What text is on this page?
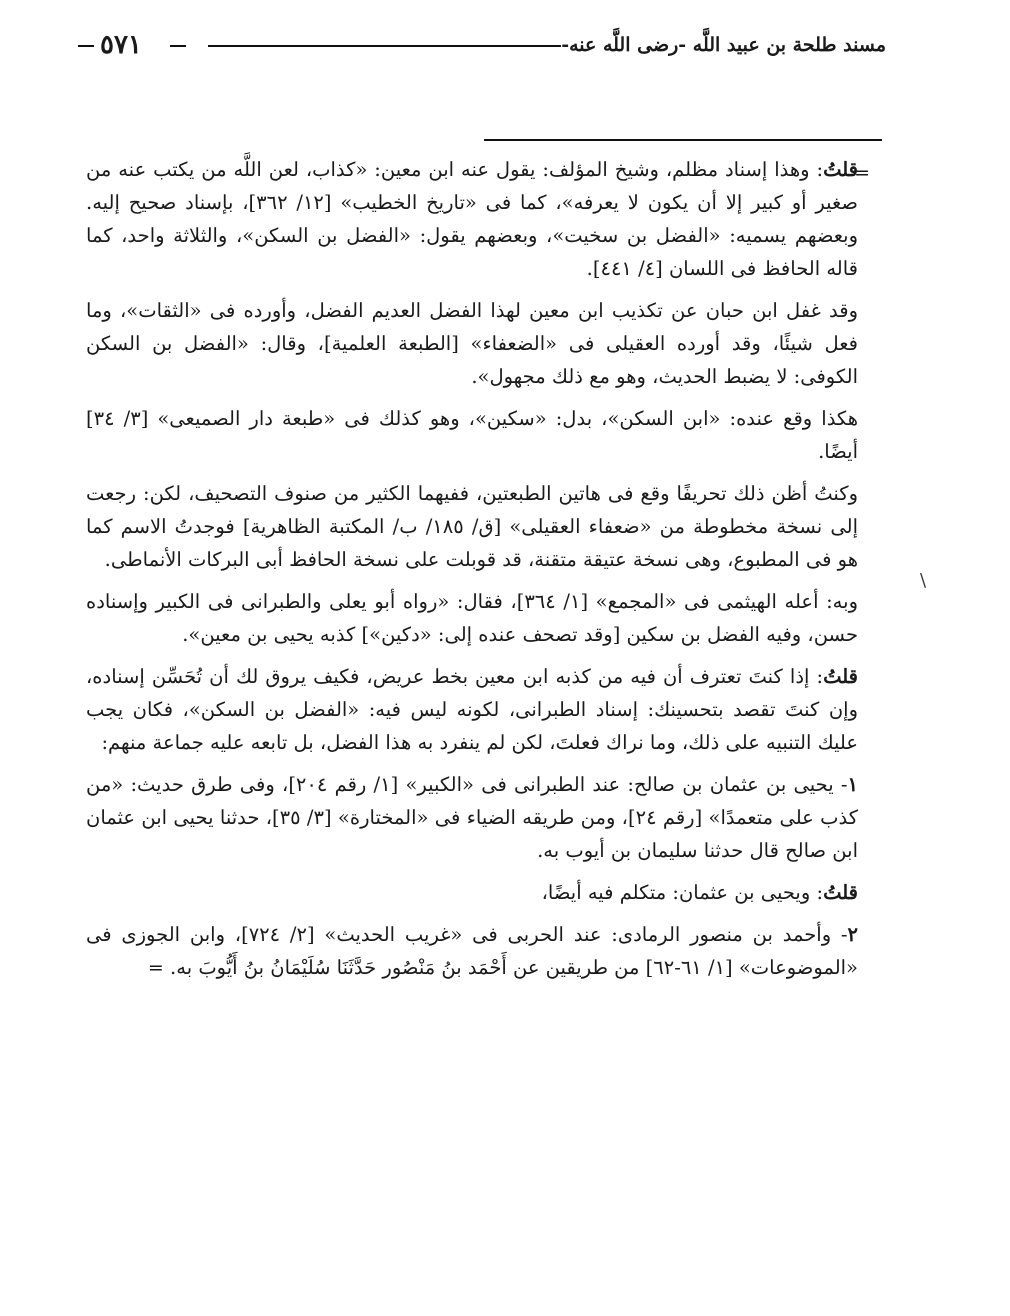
مسند طلحة بن عبيد اللَّه -رضى اللَّه عنه-
٥٧١
=
\

قلتُ: وهذا إسناد مظلم، وشيخ المؤلف: يقول عنه ابن معين: «كذاب، لعن اللَّه من يكتب عنه من صغير أو كبير إلا أن يكون لا يعرفه»، كما فى «تاريخ الخطيب» [١٢/ ٣٦٢]، بإسناد صحيح إليه. وبعضهم يسميه: «الفضل بن سخيت»، وبعضهم يقول: «الفضل بن السكن»، والثلاثة واحد، كما قاله الحافظ فى اللسان [٤/ ٤٤١].

وقد غفل ابن حبان عن تكذيب ابن معين لهذا الفضل العديم الفضل، وأورده فى «الثقات»، وما فعل شيئًا، وقد أورده العقيلى فى «الضعفاء» [الطبعة العلمية]، وقال: «الفضل بن السكن الكوفى: لا يضبط الحديث، وهو مع ذلك مجهول».

هكذا وقع عنده: «ابن السكن»، بدل: «سكين»، وهو كذلك فى «طبعة دار الصميعى» [٣/ ٣٤] أيضًا.

وكنتُ أظن ذلك تحريفًا وقع فى هاتين الطبعتين، ففيهما الكثير من صنوف التصحيف، لكن: رجعت إلى نسخة مخطوطة من «ضعفاء العقيلى» [ق/ ١٨٥/ ب/ المكتبة الظاهرية] فوجدتُ الاسم كما هو فى المطبوع، وهى نسخة عتيقة متقنة، قد قوبلت على نسخة الحافظ أبى البركات الأنماطى.

وبه: أعله الهيثمى فى «المجمع» [١/ ٣٦٤]، فقال: «رواه أبو يعلى والطبرانى فى الكبير وإسناده حسن، وفيه الفضل بن سكين [وقد تصحف عنده إلى: «دكين»] كذبه يحيى بن معين».

قلتُ: إذا كنتَ تعترف أن فيه من كذبه ابن معين بخط عريض، فكيف يروق لك أن تُحَسِّن إسناده، وإن كنتَ تقصد بتحسينك: إسناد الطبرانى، لكونه ليس فيه: «الفضل بن السكن»، فكان يجب عليك التنبيه على ذلك، وما نراك فعلتَ، لكن لم ينفرد به هذا الفضل، بل تابعه عليه جماعة منهم:

١- يحيى بن عثمان بن صالح: عند الطبرانى فى «الكبير» [١/ رقم ٢٠٤]، وفى طرق حديث: «من كذب على متعمدًا» [رقم ٢٤]، ومن طريقه الضياء فى «المختارة» [٣/ ٣٥]، حدثنا يحيى ابن عثمان ابن صالح قال حدثنا سليمان بن أيوب به.

قلتُ: ويحيى بن عثمان: متكلم فيه أيضًا،

٢- وأحمد بن منصور الرمادى: عند الحربى فى «غريب الحديث» [٢/ ٧٢٤]، وابن الجوزى فى «الموضوعات» [١/ ٦١-٦٢] من طريقين عن أَحْمَد بنُ مَنْصُور حَدَّثَنَا سُلَيْمَانُ بنُ أَيُّوبَ به. =
